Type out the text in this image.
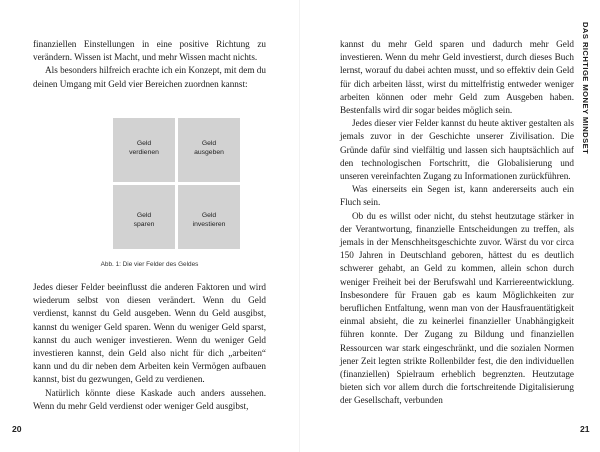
finanziellen Einstellungen in eine positive Richtung zu verändern. Wissen ist Macht, und mehr Wissen macht nichts.

Als besonders hilfreich erachte ich ein Konzept, mit dem du deinen Umgang mit Geld vier Bereichen zuordnen kannst:

Geld
verdienen
Geld
ausgeben
Geld
sparen
Geld
investieren
Abb. 1: Die vier Felder des Geldes

Jedes dieser Felder beeinflusst die anderen Faktoren und wird wiederum selbst von diesen verändert. Wenn du Geld verdienst, kannst du Geld ausgeben. Wenn du Geld ausgibst, kannst du weniger Geld sparen. Wenn du weniger Geld sparst, kannst du auch weniger investieren. Wenn du weniger Geld investieren kannst, dein Geld also nicht für dich „arbeiten“ kann und du dir neben dem Arbeiten kein Vermögen aufbauen kannst, bist du gezwungen, Geld zu verdienen.

Natürlich könnte diese Kaskade auch anders aussehen. Wenn du mehr Geld verdienst oder weniger Geld ausgibst,

20

kannst du mehr Geld sparen und dadurch mehr Geld investieren. Wenn du mehr Geld investierst, durch dieses Buch lernst, worauf du dabei achten musst, und so effektiv dein Geld für dich arbeiten lässt, wirst du mittelfristig entweder weniger arbeiten können oder mehr Geld zum Ausgeben haben. Bestenfalls wird dir sogar beides möglich sein.

Jedes dieser vier Felder kannst du heute aktiver gestalten als jemals zuvor in der Geschichte unserer Zivilisation. Die Gründe dafür sind vielfältig und lassen sich hauptsächlich auf den technologischen Fortschritt, die Globalisierung und unseren vereinfachten Zugang zu Informationen zurückführen.

Was einerseits ein Segen ist, kann andererseits auch ein Fluch sein.

Ob du es willst oder nicht, du stehst heutzutage stärker in der Verantwortung, finanzielle Entscheidungen zu treffen, als jemals in der Menschheitsgeschichte zuvor. Wärst du vor circa 150 Jahren in Deutschland geboren, hättest du es deutlich schwerer gehabt, an Geld zu kommen, allein schon durch weniger Freiheit bei der Berufswahl und Karriereentwicklung. Insbesondere für Frauen gab es kaum Möglichkeiten zur beruflichen Entfaltung, wenn man von der Hausfrauentätigkeit einmal absieht, die zu keinerlei finanzieller Unabhängigkeit führen konnte. Der Zugang zu Bildung und finanziellen Ressourcen war stark eingeschränkt, und die sozialen Normen jener Zeit legten strikte Rollenbilder fest, die den individuellen (finanziellen) Spielraum erheblich begrenzten. Heutzutage bieten sich vor allem durch die fortschreitende Digitalisierung der Gesellschaft, verbunden

DAS RICHTIGE MONEY MINDSET
21
